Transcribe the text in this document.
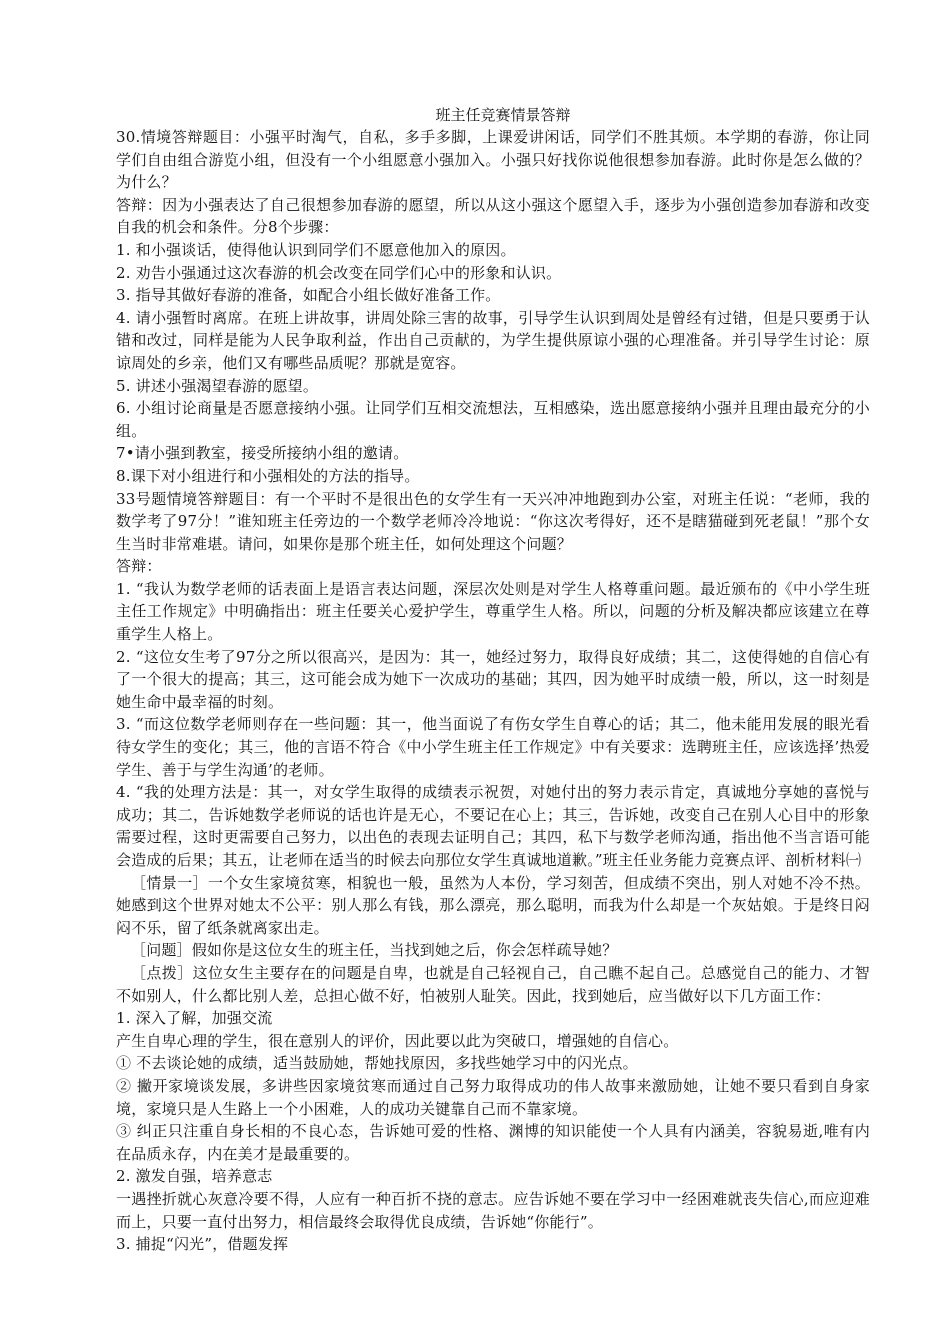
班主任竞赛情景答辩

30.情境答辩题目：小强平时淘气，自私，多手多脚，上课爱讲闲话，同学们不胜其烦。本学期的春游，你让同学们自由组合游览小组，但没有一个小组愿意小强加入。小强只好找你说他很想参加春游。此时你是怎么做的？为什么？

答辩：因为小强表达了自己很想参加春游的愿望，所以从这小强这个愿望入手，逐步为小强创造参加春游和改变自我的机会和条件。分8个步骤：

1. 和小强谈话，使得他认识到同学们不愿意他加入的原因。

2. 劝告小强通过这次春游的机会改变在同学们心中的形象和认识。

3. 指导其做好春游的准备，如配合小组长做好准备工作。

4. 请小强暂时离席。在班上讲故事，讲周处除三害的故事，引导学生认识到周处是曾经有过错，但是只要勇于认错和改过，同样是能为人民争取利益，作出自己贡献的，为学生提供原谅小强的心理准备。并引导学生讨论：原谅周处的乡亲，他们又有哪些品质呢？那就是宽容。

5. 讲述小强渴望春游的愿望。

6. 小组讨论商量是否愿意接纳小强。让同学们互相交流想法，互相感染，选出愿意接纳小强并且理由最充分的小组。

7•请小强到教室，接受所接纳小组的邀请。

8.课下对小组进行和小强相处的方法的指导。

33号题情境答辩题目：有一个平时不是很出色的女学生有一天兴冲冲地跑到办公室，对班主任说：“老师，我的数学考了97分！”谁知班主任旁边的一个数学老师冷冷地说：“你这次考得好，还不是瞎猫碰到死老鼠！”那个女生当时非常难堪。请问，如果你是那个班主任，如何处理这个问题？

答辩：

1. “我认为数学老师的话表面上是语言表达问题，深层次处则是对学生人格尊重问题。最近颁布的《中小学生班主任工作规定》中明确指出：班主任要关心爱护学生，尊重学生人格。所以，问题的分析及解决都应该建立在尊重学生人格上。

2. “这位女生考了97分之所以很高兴，是因为：其一，她经过努力，取得良好成绩；其二，这使得她的自信心有了一个很大的提高；其三，这可能会成为她下一次成功的基础；其四，因为她平时成绩一般，所以，这一时刻是她生命中最幸福的时刻。

3. “而这位数学老师则存在一些问题：其一，他当面说了有伤女学生自尊心的话；其二，他未能用发展的眼光看待女学生的变化；其三，他的言语不符合《中小学生班主任工作规定》中有关要求：选聘班主任，应该选择’热爱学生、善于与学生沟通’的老师。

4. “我的处理方法是：其一，对女学生取得的成绩表示祝贺，对她付出的努力表示肯定，真诚地分享她的喜悦与成功；其二，告诉她数学老师说的话也许是无心，不要记在心上；其三，告诉她，改变自己在别人心目中的形象需要过程，这时更需要自己努力，以出色的表现去证明自己；其四，私下与数学老师沟通，指出他不当言语可能会造成的后果；其五，让老师在适当的时候去向那位女学生真诚地道歉。”班主任业务能力竞赛点评、剖析材料㈠

［情景一］一个女生家境贫寒，相貌也一般，虽然为人本份，学习刻苦，但成绩不突出，别人对她不冷不热。她感到这个世界对她太不公平：别人那么有钱，那么漂亮，那么聪明，而我为什么却是一个灰姑娘。于是终日闷闷不乐，留了纸条就离家出走。

［问题］假如你是这位女生的班主任，当找到她之后，你会怎样疏导她？

［点拨］这位女生主要存在的问题是自卑，也就是自己轻视自己，自己瞧不起自己。总感觉自己的能力、才智不如别人，什么都比别人差，总担心做不好，怕被别人耻笑。因此，找到她后，应当做好以下几方面工作：

1. 深入了解，加强交流

产生自卑心理的学生，很在意别人的评价，因此要以此为突破口，增强她的自信心。

① 不去谈论她的成绩，适当鼓励她，帮她找原因，多找些她学习中的闪光点。

② 撇开家境谈发展，多讲些因家境贫寒而通过自己努力取得成功的伟人故事来激励她，让她不要只看到自身家境，家境只是人生路上一个小困难，人的成功关键靠自己而不靠家境。

③ 纠正只注重自身长相的不良心态，告诉她可爱的性格、渊博的知识能使一个人具有内涵美，容貌易逝,唯有内在品质永存，内在美才是最重要的。

2. 激发自强，培养意志

一遇挫折就心灰意冷要不得，人应有一种百折不挠的意志。应告诉她不要在学习中一经困难就丧失信心,而应迎难而上，只要一直付出努力，相信最终会取得优良成绩，告诉她“你能行”。

3. 捕捉“闪光”，借题发挥
